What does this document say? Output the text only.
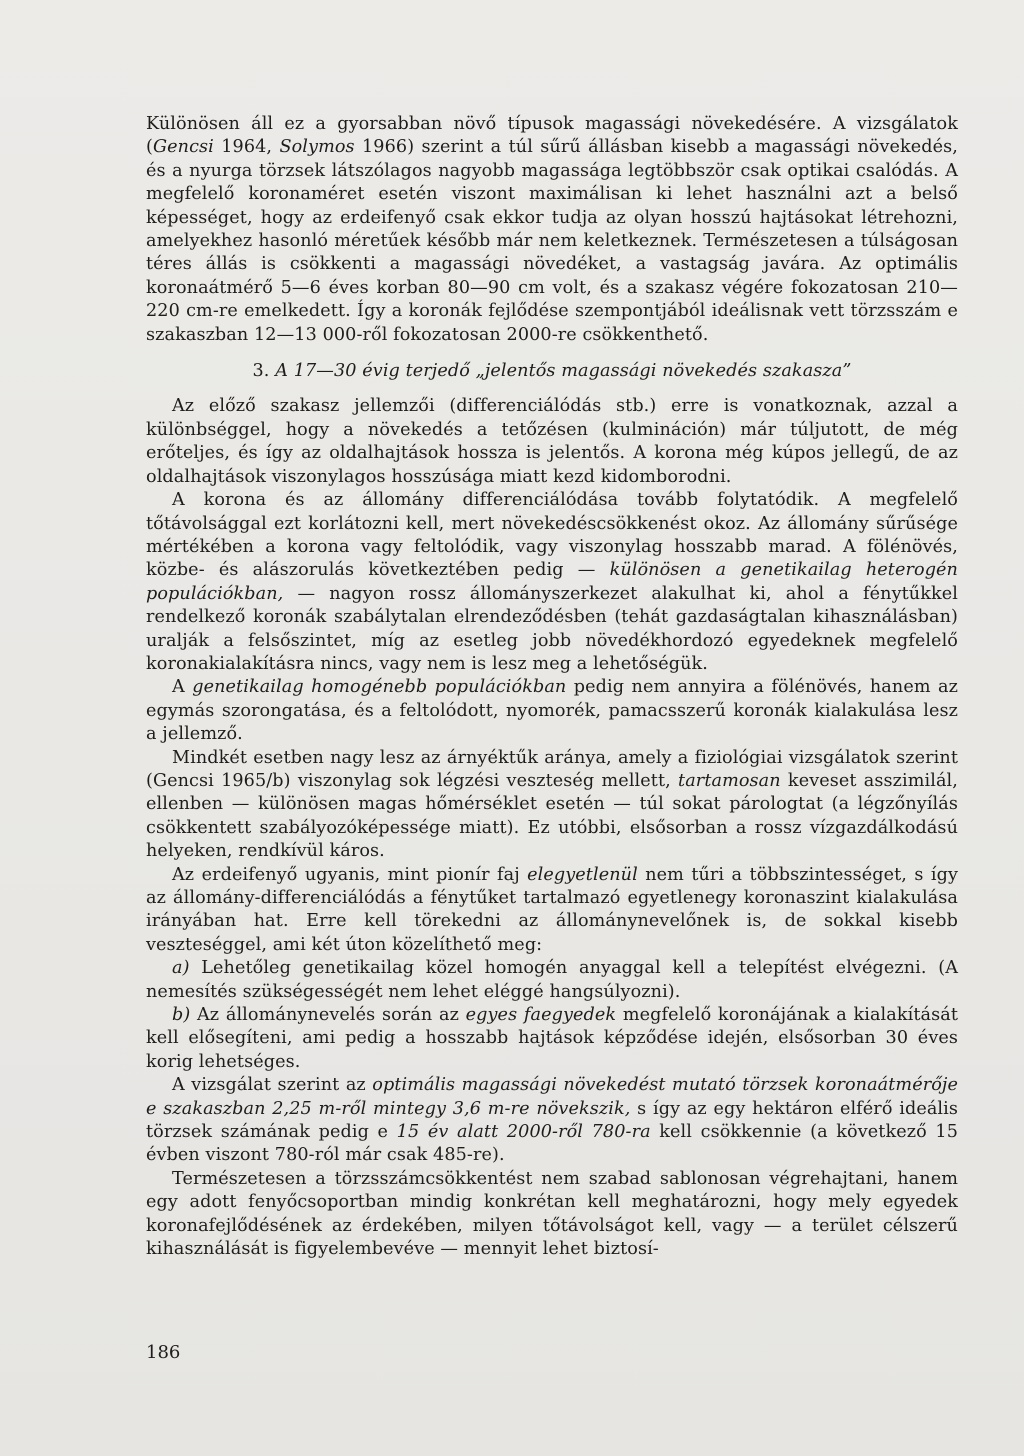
Különösen áll ez a gyorsabban növő típusok magassági növekedésére. A vizsgálatok (Gencsi 1964, Solymos 1966) szerint a túl sűrű állásban kisebb a magassági növekedés, és a nyurga törzsek látszólagos nagyobb magassága legtöbbször csak optikai csalódás. A megfelelő koronaméret esetén viszont maximálisan ki lehet használni azt a belső képességet, hogy az erdeifenyő csak ekkor tudja az olyan hosszú hajtásokat létrehozni, amelyekhez hasonló méretűek később már nem keletkeznek. Természetesen a túlságosan téres állás is csökkenti a magassági növedéket, a vastagság javára. Az optimális koronaátmérő 5—6 éves korban 80—90 cm volt, és a szakasz végére fokozatosan 210—220 cm-re emelkedett. Így a koronák fejlődése szempontjából ideálisnak vett törzsszám e szakaszban 12—13 000-ről fokozatosan 2000-re csökkenthető.

3. A 17—30 évig terjedő „jelentős magassági növekedés szakasza”

Az előző szakasz jellemzői (differenciálódás stb.) erre is vonatkoznak, azzal a különbséggel, hogy a növekedés a tetőzésen (kulmináción) már túljutott, de még erőteljes, és így az oldalhajtások hossza is jelentős. A korona még kúpos jellegű, de az oldalhajtások viszonylagos hosszúsága miatt kezd kidomborodni.

A korona és az állomány differenciálódása tovább folytatódik. A megfelelő tőtávolsággal ezt korlátozni kell, mert növekedéscsökkenést okoz. Az állomány sűrűsége mértékében a korona vagy feltolódik, vagy viszonylag hosszabb marad. A fölénövés, közbe- és alászorulás következtében pedig — különösen a genetikailag heterogén populációkban, — nagyon rossz állományszerkezet alakulhat ki, ahol a fénytűkkel rendelkező koronák szabálytalan elrendeződésben (tehát gazdaságtalan kihasználásban) uralják a felsőszintet, míg az esetleg jobb növedékhordozó egyedeknek megfelelő koronakialakításra nincs, vagy nem is lesz meg a lehetőségük.

A genetikailag homogénebb populációkban pedig nem annyira a fölénövés, hanem az egymás szorongatása, és a feltolódott, nyomorék, pamacsszerű koronák kialakulása lesz a jellemző.

Mindkét esetben nagy lesz az árnyéktűk aránya, amely a fiziológiai vizsgálatok szerint (Gencsi 1965/b) viszonylag sok légzési veszteség mellett, tartamosan keveset asszimilál, ellenben — különösen magas hőmérséklet esetén — túl sokat párologtat (a légzőnyílás csökkentett szabályozóképessége miatt). Ez utóbbi, elsősorban a rossz vízgazdálkodású helyeken, rendkívül káros.

Az erdeifenyő ugyanis, mint pionír faj elegyetlenül nem tűri a többszintességet, s így az állomány-differenciálódás a fénytűket tartalmazó egyetlenegy koronaszint kialakulása irányában hat. Erre kell törekedni az állománynevelőnek is, de sokkal kisebb veszteséggel, ami két úton közelíthető meg:

a) Lehetőleg genetikailag közel homogén anyaggal kell a telepítést elvégezni. (A nemesítés szükségességét nem lehet eléggé hangsúlyozni).

b) Az állománynevelés során az egyes faegyedek megfelelő koronájának a kialakítását kell elősegíteni, ami pedig a hosszabb hajtások képződése idején, elsősorban 30 éves korig lehetséges.

A vizsgálat szerint az optimális magassági növekedést mutató törzsek koronaátmérője e szakaszban 2,25 m-ről mintegy 3,6 m-re növekszik, s így az egy hektáron elférő ideális törzsek számának pedig e 15 év alatt 2000-ről 780-ra kell csökkennie (a következő 15 évben viszont 780-ról már csak 485-re).

Természetesen a törzsszámcsökkentést nem szabad sablonosan végrehajtani, hanem egy adott fenyőcsoportban mindig konkrétan kell meghatározni, hogy mely egyedek koronafejlődésének az érdekében, milyen tőtávolságot kell, vagy — a terület célszerű kihasználását is figyelembevéve — mennyit lehet biztosí-

186
